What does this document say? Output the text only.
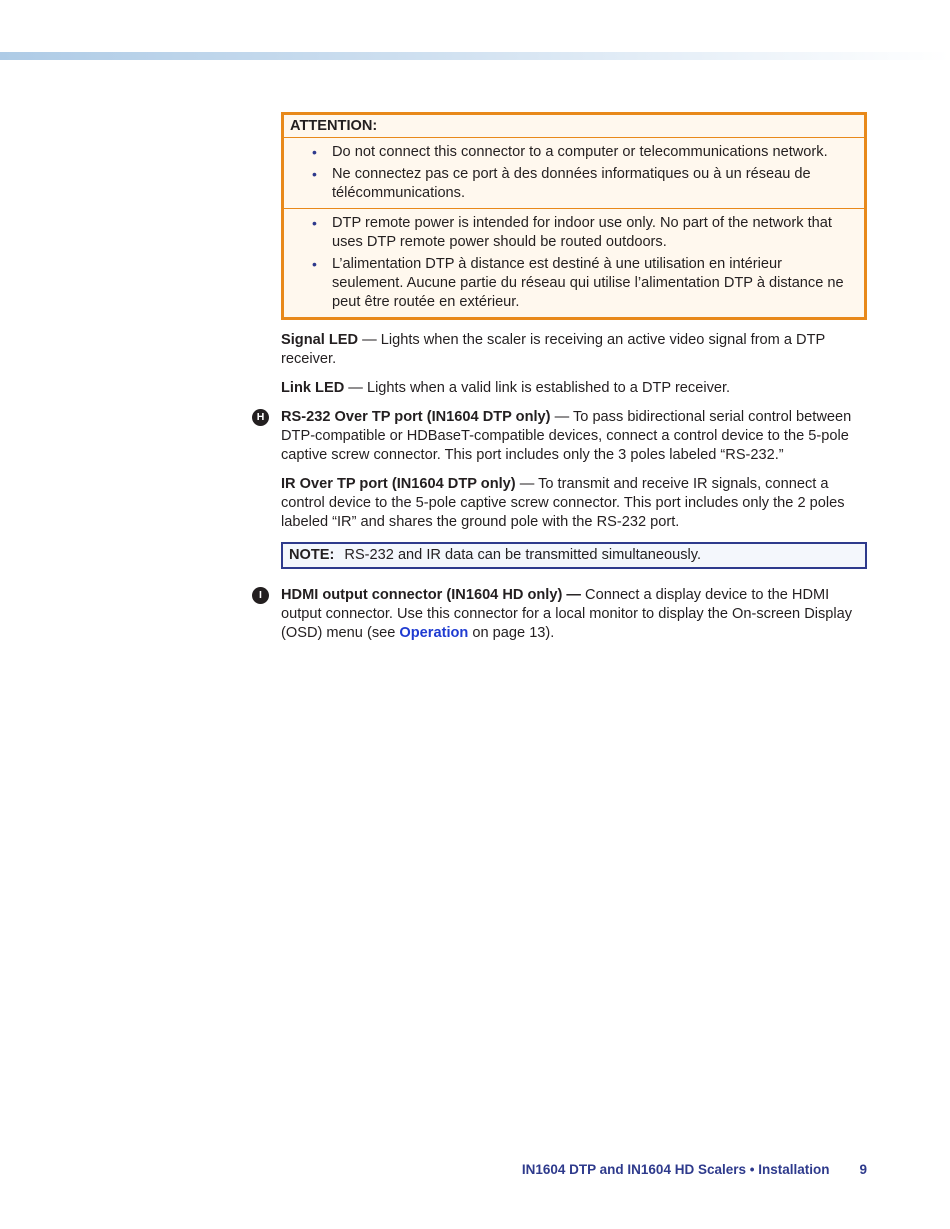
ATTENTION:
• Do not connect this connector to a computer or telecommunications network.
• Ne connectez pas ce port à des données informatiques ou à un réseau de télécommunications.
• DTP remote power is intended for indoor use only. No part of the network that uses DTP remote power should be routed outdoors.
• L’alimentation DTP à distance est destiné à une utilisation en intérieur seulement. Aucune partie du réseau qui utilise l’alimentation DTP à distance ne peut être routée en extérieur.

Signal LED — Lights when the scaler is receiving an active video signal from a DTP receiver.

Link LED — Lights when a valid link is established to a DTP receiver.

H	RS-232 Over TP port (IN1604 DTP only) — To pass bidirectional serial control between DTP-compatible or HDBaseT-compatible devices, connect a control device to the 5-pole captive screw connector. This port includes only the 3 poles labeled “RS-232.”

IR Over TP port (IN1604 DTP only) — To transmit and receive IR signals, connect a control device to the 5-pole captive screw connector. This port includes only the 2 poles labeled “IR” and shares the ground pole with the RS-232 port.

NOTE: RS-232 and IR data can be transmitted simultaneously.

I	HDMI output connector (IN1604 HD only) — Connect a display device to the HDMI output connector. Use this connector for a local monitor to display the On-screen Display (OSD) menu (see Operation on page 13).

IN1604 DTP and IN1604 HD Scalers • Installation 9
